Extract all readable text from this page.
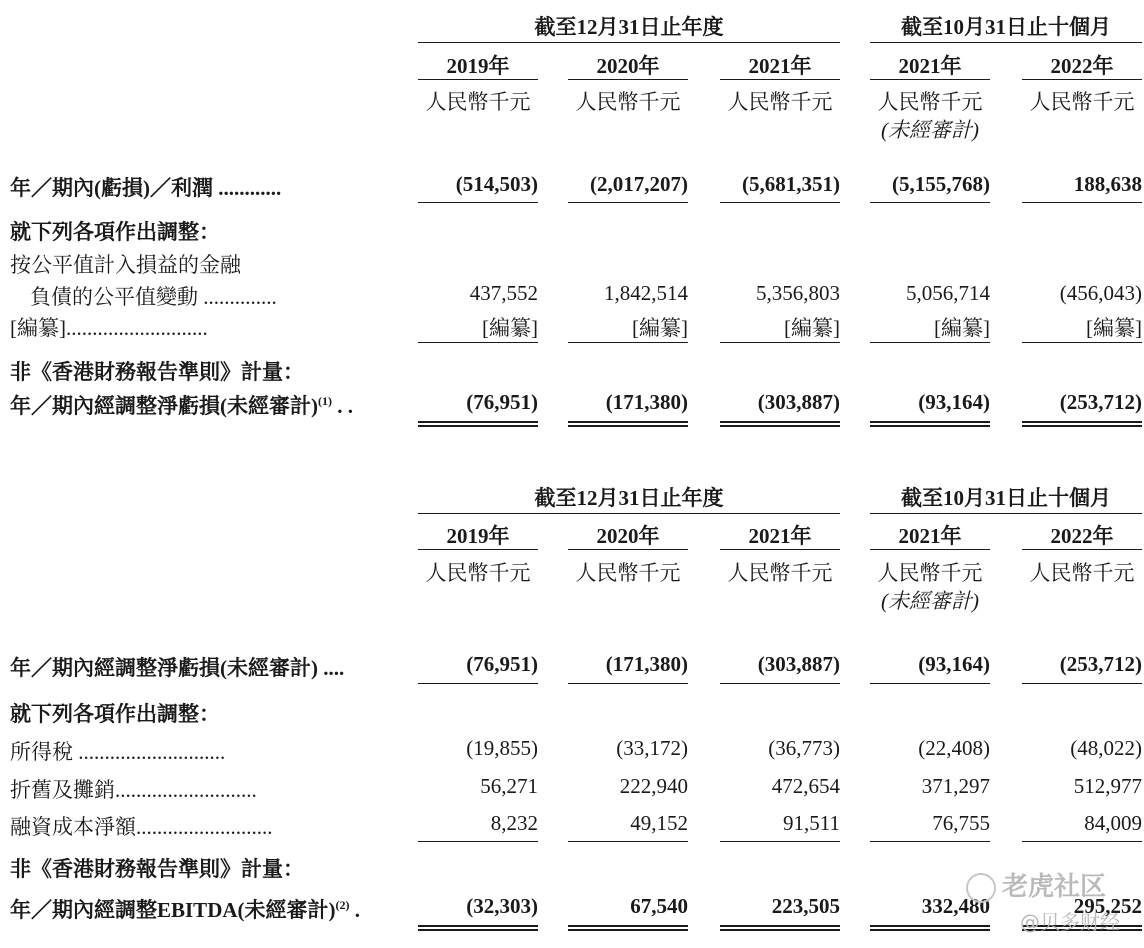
截至12月31日止年度	截至10月31日止十個月
2019年	2020年	2021年	2021年	2022年
人民幣千元	人民幣千元	人民幣千元	人民幣千元	人民幣千元
(未經審計)
年／期內(虧損)／利潤 ............	(514,503)	(2,017,207)	(5,681,351)	(5,155,768)	188,638
就下列各項作出調整：
按公平值計入損益的金融
負債的公平值變動 ..............	437,552	1,842,514	5,356,803	5,056,714	(456,043)
[編纂]...........................	[編纂]	[編纂]	[編纂]	[編纂]	[編纂]
非《香港財務報告準則》計量：
年／期內經調整淨虧損(未經審計)$^{(1)}$ . .	(76,951)	(171,380)	(303,887)	(93,164)	(253,712)
截至12月31日止年度	截至10月31日止十個月
2019年	2020年	2021年	2021年	2022年
人民幣千元	人民幣千元	人民幣千元	人民幣千元	人民幣千元
(未經審計)
年／期內經調整淨虧損(未經審計) ....	(76,951)	(171,380)	(303,887)	(93,164)	(253,712)
就下列各項作出調整：
所得稅 ............................	(19,855)	(33,172)	(36,773)	(22,408)	(48,022)
折舊及攤銷...........................	56,271	222,940	472,654	371,297	512,977
融資成本淨額..........................	8,232	49,152	91,511	76,755	84,009
非《香港財務報告準則》計量：
年／期內經調整EBITDA(未經審計)$^{(2)}$ .	(32,303)	67,540	223,505	332,480	295,252
老虎社区
@贝多财经
